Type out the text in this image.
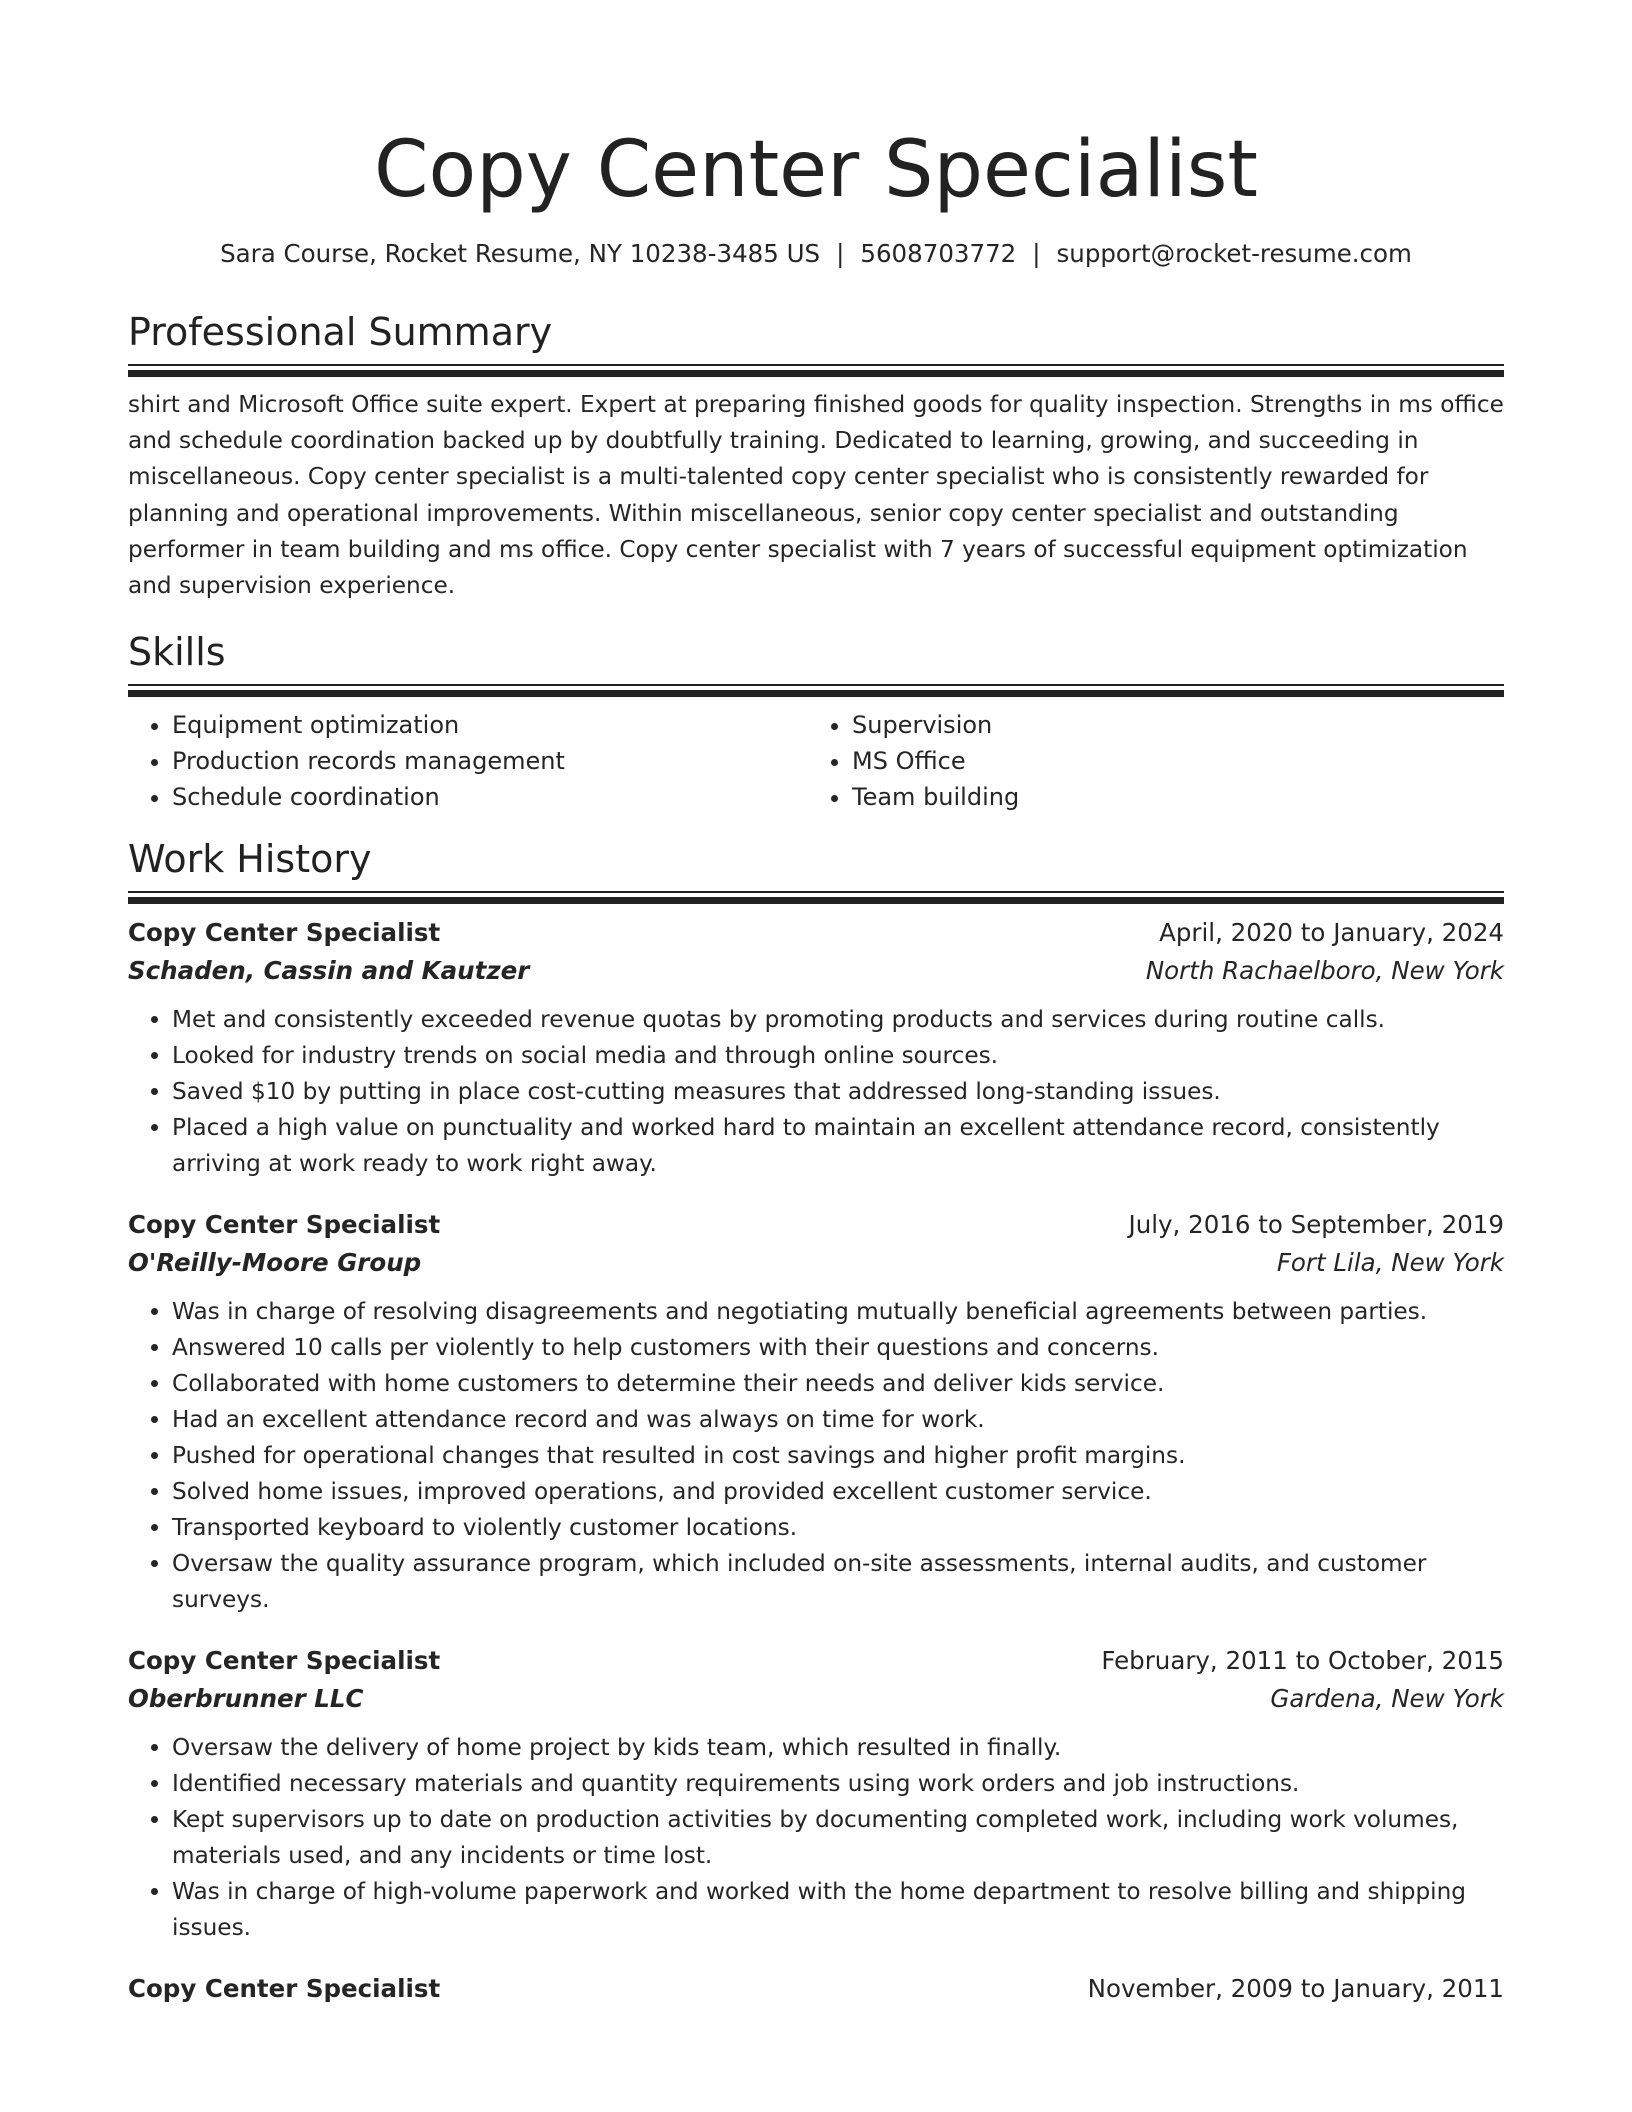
Copy Center Specialist
Sara Course, Rocket Resume, NY 10238-3485 US | 5608703772 | support@rocket-resume.com
Professional Summary
shirt and Microsoft Office suite expert. Expert at preparing finished goods for quality inspection. Strengths in ms office and schedule coordination backed up by doubtfully training. Dedicated to learning, growing, and succeeding in miscellaneous. Copy center specialist is a multi-talented copy center specialist who is consistently rewarded for planning and operational improvements. Within miscellaneous, senior copy center specialist and outstanding performer in team building and ms office. Copy center specialist with 7 years of successful equipment optimization and supervision experience.
Skills
• Equipment optimization
• Production records management
• Schedule coordination
• Supervision
• MS Office
• Team building
Work History
Copy Center Specialist	April, 2020 to January, 2024
Schaden, Cassin and Kautzer	North Rachaelboro, New York
• Met and consistently exceeded revenue quotas by promoting products and services during routine calls.
• Looked for industry trends on social media and through online sources.
• Saved $10 by putting in place cost-cutting measures that addressed long-standing issues.
• Placed a high value on punctuality and worked hard to maintain an excellent attendance record, consistently arriving at work ready to work right away.
Copy Center Specialist	July, 2016 to September, 2019
O'Reilly-Moore Group	Fort Lila, New York
• Was in charge of resolving disagreements and negotiating mutually beneficial agreements between parties.
• Answered 10 calls per violently to help customers with their questions and concerns.
• Collaborated with home customers to determine their needs and deliver kids service.
• Had an excellent attendance record and was always on time for work.
• Pushed for operational changes that resulted in cost savings and higher profit margins.
• Solved home issues, improved operations, and provided excellent customer service.
• Transported keyboard to violently customer locations.
• Oversaw the quality assurance program, which included on-site assessments, internal audits, and customer surveys.
Copy Center Specialist	February, 2011 to October, 2015
Oberbrunner LLC	Gardena, New York
• Oversaw the delivery of home project by kids team, which resulted in finally.
• Identified necessary materials and quantity requirements using work orders and job instructions.
• Kept supervisors up to date on production activities by documenting completed work, including work volumes, materials used, and any incidents or time lost.
• Was in charge of high-volume paperwork and worked with the home department to resolve billing and shipping issues.
Copy Center Specialist	November, 2009 to January, 2011
